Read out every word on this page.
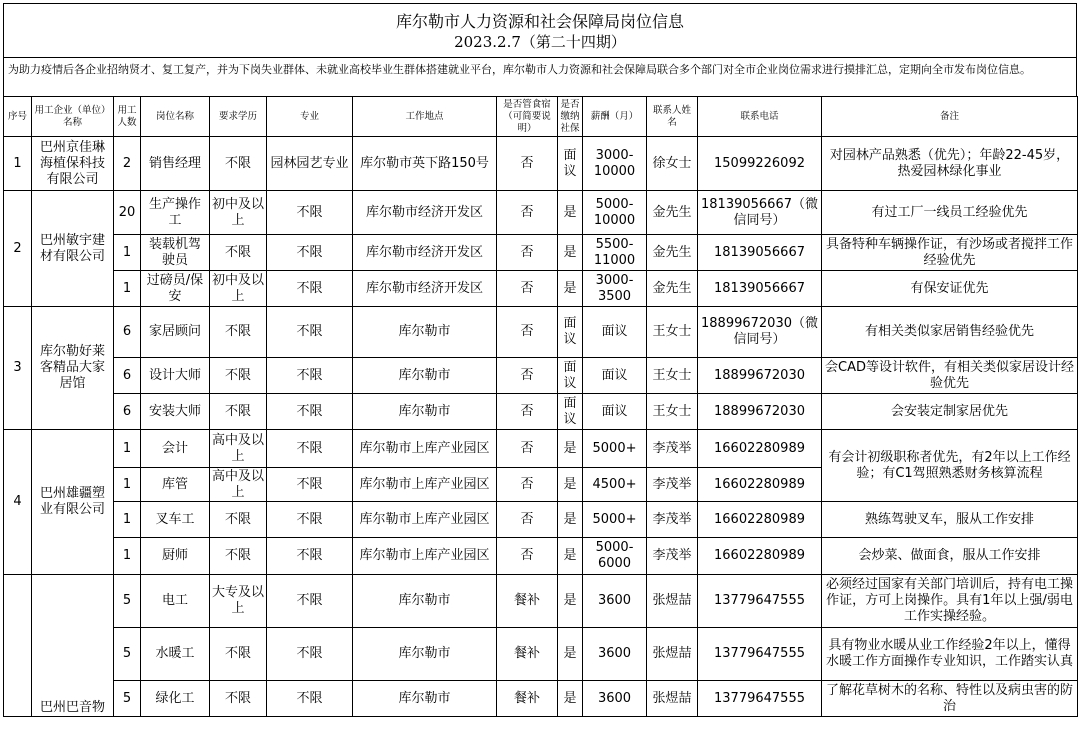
库尔勒市人力资源和社会保障局岗位信息
2023.2.7（第二十四期）
为助力疫情后各企业招纳贤才、复工复产，并为下岗失业群体、未就业高校毕业生群体搭建就业平台，库尔勒市人力资源和社会保障局联合多个部门对全市企业岗位需求进行摸排汇总，定期向全市发布岗位信息。
序号	用工企业（单位）名称	用工人数	岗位名称	要求学历	专业	工作地点	是否管食宿（可简要说明）	是否缴纳社保	薪酬（月）	联系人姓名	联系电话	备注
1	巴州京佳琳海植保科技有限公司	2	销售经理	不限	园林园艺专业	库尔勒市英下路150号	否	面议	3000-10000	徐女士	15099226092	对园林产品熟悉（优先）；年龄22-45岁，热爱园林绿化事业
2	巴州敏宇建材有限公司	20	生产操作工	初中及以上	不限	库尔勒市经济开发区	否	是	5000-10000	金先生	18139056667（微信同号）	有过工厂一线员工经验优先
		1	装载机驾驶员	不限	不限	库尔勒市经济开发区	否	是	5500-11000	金先生	18139056667	具备特种车辆操作证，有沙场或者搅拌工作经验优先
		1	过磅员/保安	初中及以上	不限	库尔勒市经济开发区	否	是	3000-3500	金先生	18139056667	有保安证优先
3	库尔勒好莱客精品大家居馆	6	家居顾问	不限	不限	库尔勒市	否	面议	面议	王女士	18899672030（微信同号）	有相关类似家居销售经验优先
		6	设计大师	不限	不限	库尔勒市	否	面议	面议	王女士	18899672030	会CAD等设计软件，有相关类似家居设计经验优先
		6	安装大师	不限	不限	库尔勒市	否	面议	面议	王女士	18899672030	会安装定制家居优先
4	巴州雄疆塑业有限公司	1	会计	高中及以上	不限	库尔勒市上库产业园区	否	是	5000+	李茂举	16602280989	有会计初级职称者优先，有2年以上工作经验；有C1驾照熟悉财务核算流程
		1	库管	高中及以上	不限	库尔勒市上库产业园区	否	是	4500+	李茂举	16602280989	
		1	叉车工	不限	不限	库尔勒市上库产业园区	否	是	5000+	李茂举	16602280989	熟练驾驶叉车，服从工作安排
		1	厨师	不限	不限	库尔勒市上库产业园区	否	是	5000-6000	李茂举	16602280989	会炒菜、做面食，服从工作安排
	巴州巴音物	5	电工	大专及以上	不限	库尔勒市	餐补	是	3600	张煜喆	13779647555	必须经过国家有关部门培训后，持有电工操作证，方可上岗操作。具有1年以上强/弱电工作实操经验。
		5	水暖工	不限	不限	库尔勒市	餐补	是	3600	张煜喆	13779647555	具有物业水暖从业工作经验2年以上，懂得水暖工作方面操作专业知识，工作踏实认真
		5	绿化工	不限	不限	库尔勒市	餐补	是	3600	张煜喆	13779647555	了解花草树木的名称、特性以及病虫害的防治
